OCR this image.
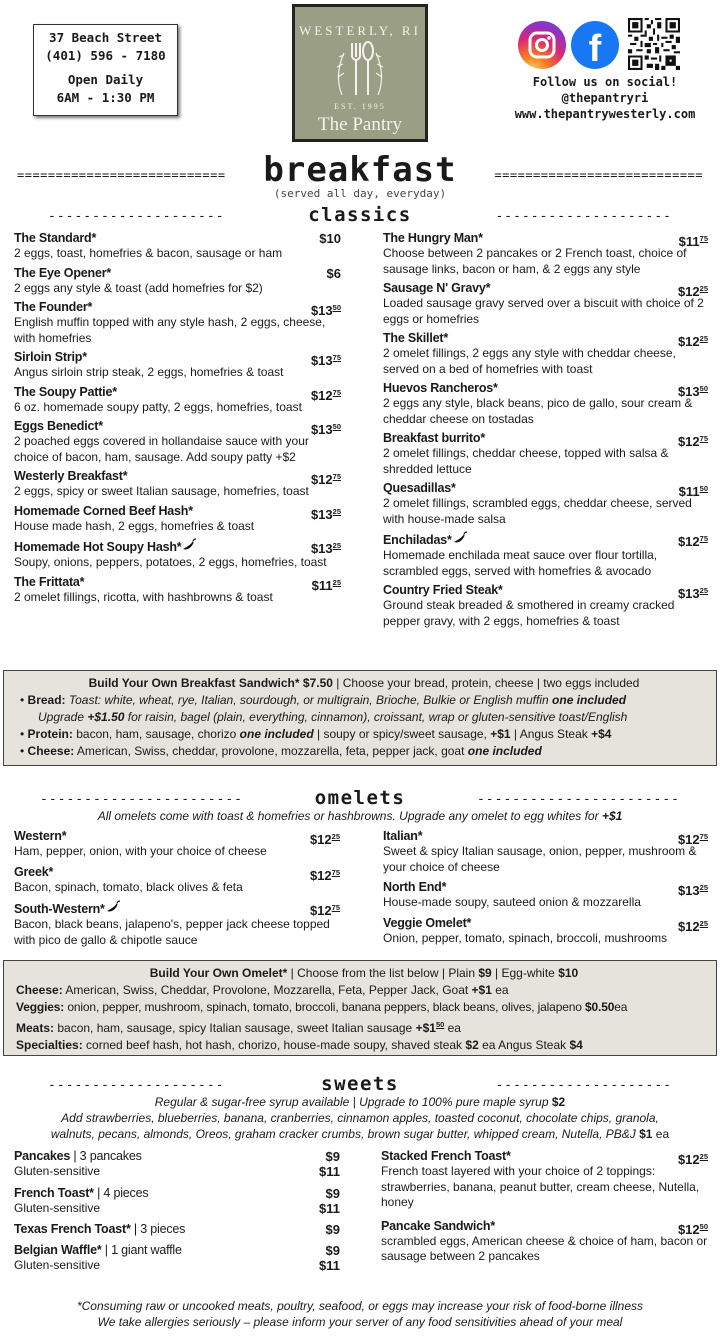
37 Beach Street
(401) 596 - 7180
Open Daily
6AM - 1:30 PM
WESTERLY, RI
EST. 1995
The Pantry
f
Follow us on social!
@thepantryri
www.thepantrywesterly.com
=========================== breakfast	===========================
(served all day, everyday)
--------------------	classics	--------------------
The Standard*	$10
2 eggs, toast, homefries & bacon, sausage or ham
The Eye Opener*	$6
2 eggs any style & toast (add homefries for $2)
The Founder*	$\$13^{50}$
English muffin topped with any style hash, 2 eggs, cheese, with homefries
Sirloin Strip*	$\$13^{75}$
Angus sirloin strip steak, 2 eggs, homefries & toast
The Soupy Pattie*	$\$12^{75}$
6 oz. homemade soupy patty, 2 eggs, homefries, toast
Eggs Benedict*	$\$13^{50}$
2 poached eggs covered in hollandaise sauce with your choice of bacon, ham, sausage. Add soupy patty +$2
Westerly Breakfast*	$\$12^{75}$
2 eggs, spicy or sweet Italian sausage, homefries, toast
Homemade Corned Beef Hash*	$\$13^{25}$
House made hash, 2 eggs, homefries & toast
Homemade Hot Soupy Hash*	$\$13^{25}$
Soupy, onions, peppers, potatoes, 2 eggs, homefries, toast
The Frittata*	$\$11^{25}$
2 omelet fillings, ricotta, with hashbrowns & toast
The Hungry Man*	$\$11^{75}$
Choose between 2 pancakes or 2 French toast, choice of sausage links, bacon or ham, & 2 eggs any style
Sausage N' Gravy*	$\$12^{25}$
Loaded sausage gravy served over a biscuit with choice of 2 eggs or homefries
The Skillet*	$\$12^{25}$
2 omelet fillings, 2 eggs any style with cheddar cheese, served on a bed of homefries with toast
Huevos Rancheros*	$\$13^{50}$
2 eggs any style, black beans, pico de gallo, sour cream & cheddar cheese on tostadas
Breakfast burrito*	$\$12^{75}$
2 omelet fillings, cheddar cheese, topped with salsa & shredded lettuce
Quesadillas*	$\$11^{50}$
2 omelet fillings, scrambled eggs, cheddar cheese, served with house-made salsa
Enchiladas*	$\$12^{75}$
Homemade enchilada meat sauce over flour tortilla, scrambled eggs, served with homefries & avocado
Country Fried Steak*	$\$13^{25}$
Ground steak breaded & smothered in creamy cracked pepper gravy, with 2 eggs, homefries & toast
Build Your Own Breakfast Sandwich* $7.50 | Choose your bread, protein, cheese | two eggs included
• Bread: Toast: white, wheat, rye, Italian, sourdough, or multigrain, Brioche, Bulkie or English muffin one included
Upgrade +$1.50 for raisin, bagel (plain, everything, cinnamon), croissant, wrap or gluten-sensitive toast/English
• Protein: bacon, ham, sausage, chorizo one included | soupy or spicy/sweet sausage, +$1 | Angus Steak +$4
• Cheese: American, Swiss, cheddar, provolone, mozzarella, feta, pepper jack, goat one included
-----------------------	omelets	-----------------------
All omelets come with toast & homefries or hashbrowns. Upgrade any omelet to egg whites for +$1
Western*	$\$12^{25}$
Ham, pepper, onion, with your choice of cheese
Greek*	$\$12^{75}$
Bacon, spinach, tomato, black olives & feta
South-Western*	$\$12^{75}$
Bacon, black beans, jalapeno's, pepper jack cheese topped with pico de gallo & chipotle sauce
Italian*	$\$12^{75}$
Sweet & spicy Italian sausage, onion, pepper, mushroom & your choice of cheese
North End*	$\$13^{25}$
House-made soupy, sauteed onion & mozzarella
Veggie Omelet*	$\$12^{25}$
Onion, pepper, tomato, spinach, broccoli, mushrooms
Build Your Own Omelet* | Choose from the list below | Plain $9 | Egg-white $10
Cheese: American, Swiss, Cheddar, Provolone, Mozzarella, Feta, Pepper Jack, Goat +$1 ea
Veggies: onion, pepper, mushroom, spinach, tomato, broccoli, banana peppers, black beans, olives, jalapeno $0.50ea
Meats: bacon, ham, sausage, spicy Italian sausage, sweet Italian sausage $+\$1^{50}$ ea
Specialties: corned beef hash, hot hash, chorizo, house-made soupy, shaved steak $2 ea Angus Steak $4
--------------------	sweets	--------------------
Regular & sugar-free syrup available | Upgrade to 100% pure maple syrup $2
Add strawberries, blueberries, banana, cranberries, cinnamon apples, toasted coconut, chocolate chips, granola,
walnuts, pecans, almonds, Oreos, graham cracker crumbs, brown sugar butter, whipped cream, Nutella, PB&J $1 ea
Pancakes | 3 pancakes	$9
Gluten-sensitive	$11
French Toast* | 4 pieces	$9
Gluten-sensitive	$11
Texas French Toast* | 3 pieces	$9
Belgian Waffle* | 1 giant waffle	$9
Gluten-sensitive	$11
Stacked French Toast*	$\$12^{25}$
French toast layered with your choice of 2 toppings: strawberries, banana, peanut butter, cream cheese, Nutella, honey
Pancake Sandwich*	$\$12^{50}$
scrambled eggs, American cheese & choice of ham, bacon or sausage between 2 pancakes
*Consuming raw or uncooked meats, poultry, seafood, or eggs may increase your risk of food-borne illness
We take allergies seriously – please inform your server of any food sensitivities ahead of your meal
